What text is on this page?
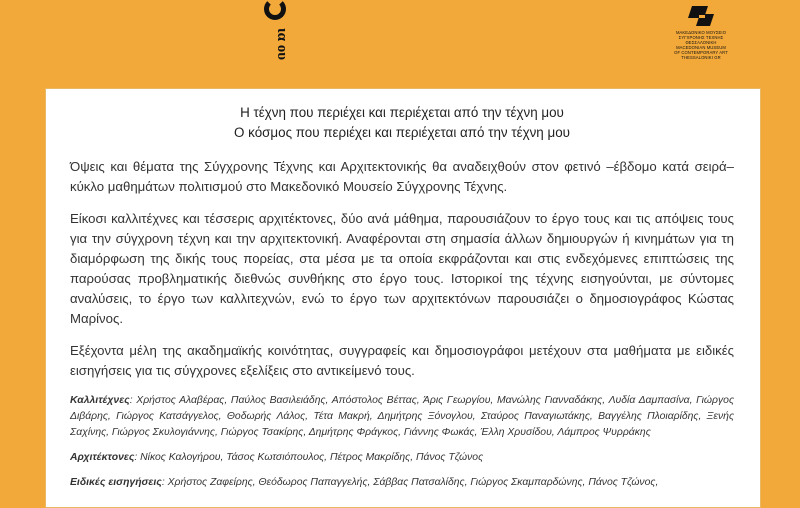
ια ου	ΜΑΚΕΔΟΝΙΚΟ ΜΟΥΣΕΙΟ
ΣΥΓΧΡΟΝΗΣ ΤΕΧΝΗΣ
ΘΕΣΣΑΛΟΝΙΚΗ
MACEDONIAN MUSEUM
OF CONTEMPORARY ART
THESSALONIKI GR

Η τέχνη που περιέχει και περιέχεται από την τέχνη μου

Ο κόσμος που περιέχει και περιέχεται από την τέχνη μου

Όψεις και θέματα της Σύγχρονης Τέχνης και Αρχιτεκτονικής θα αναδειχθούν στον φετινό –έβδομο κατά σειρά– κύκλο μαθημάτων πολιτισμού στο Μακεδονικό Μουσείο Σύγχρονης Τέχνης.

Είκοσι καλλιτέχνες και τέσσερις αρχιτέκτονες, δύο ανά μάθημα, παρουσιάζουν το έργο τους και τις απόψεις τους για την σύγχρονη τέχνη και την αρχιτεκτονική. Αναφέρονται στη σημασία άλλων δημιουργών ή κινημάτων για τη διαμόρφωση της δικής τους πορείας, στα μέσα με τα οποία εκφράζονται και στις ενδεχόμενες επιπτώσεις της παρούσας προβληματικής διεθνώς συνθήκης στο έργο τους. Ιστορικοί της τέχνης εισηγούνται, με σύντομες αναλύσεις, το έργο των καλλιτεχνών, ενώ το έργο των αρχιτεκτόνων παρουσιάζει ο δημοσιογράφος Κώστας Μαρίνος.

Εξέχοντα μέλη της ακαδημαϊκής κοινότητας, συγγραφείς και δημοσιογράφοι μετέχουν στα μαθήματα με ειδικές εισηγήσεις για τις σύγχρονες εξελίξεις στο αντικείμενό τους.

Καλλιτέχνες: Χρήστος Αλαβέρας, Παύλος Βασιλειάδης, Απόστολος Βέττας, Άρις Γεωργίου, Μανώλης Γιανναδάκης, Λυδία Δαμπασίνα, Γιώργος Διβάρης, Γιώργος Κατσάγγελος, Θοδωρής Λάλος, Τέτα Μακρή, Δημήτρης Ξόνογλου, Σταύρος Παναγιωτάκης, Βαγγέλης Πλοιαρίδης, Ξενής Σαχίνης, Γιώργος Σκυλογιάννης, Γιώργος Τσακίρης, Δημήτρης Φράγκος, Γιάννης Φωκάς, Έλλη Χρυσίδου, Λάμπρος Ψυρράκης

Αρχιτέκτονες: Νίκος Καλογήρου, Τάσος Κωτσιόπουλος, Πέτρος Μακρίδης, Πάνος Τζώνος

Ειδικές εισηγήσεις: Χρήστος Ζαφείρης, Θεόδωρος Παπαγγελής, Σάββας Πατσαλίδης, Γιώργος Σκαμπαρδώνης, Πάνος Τζώνος,
